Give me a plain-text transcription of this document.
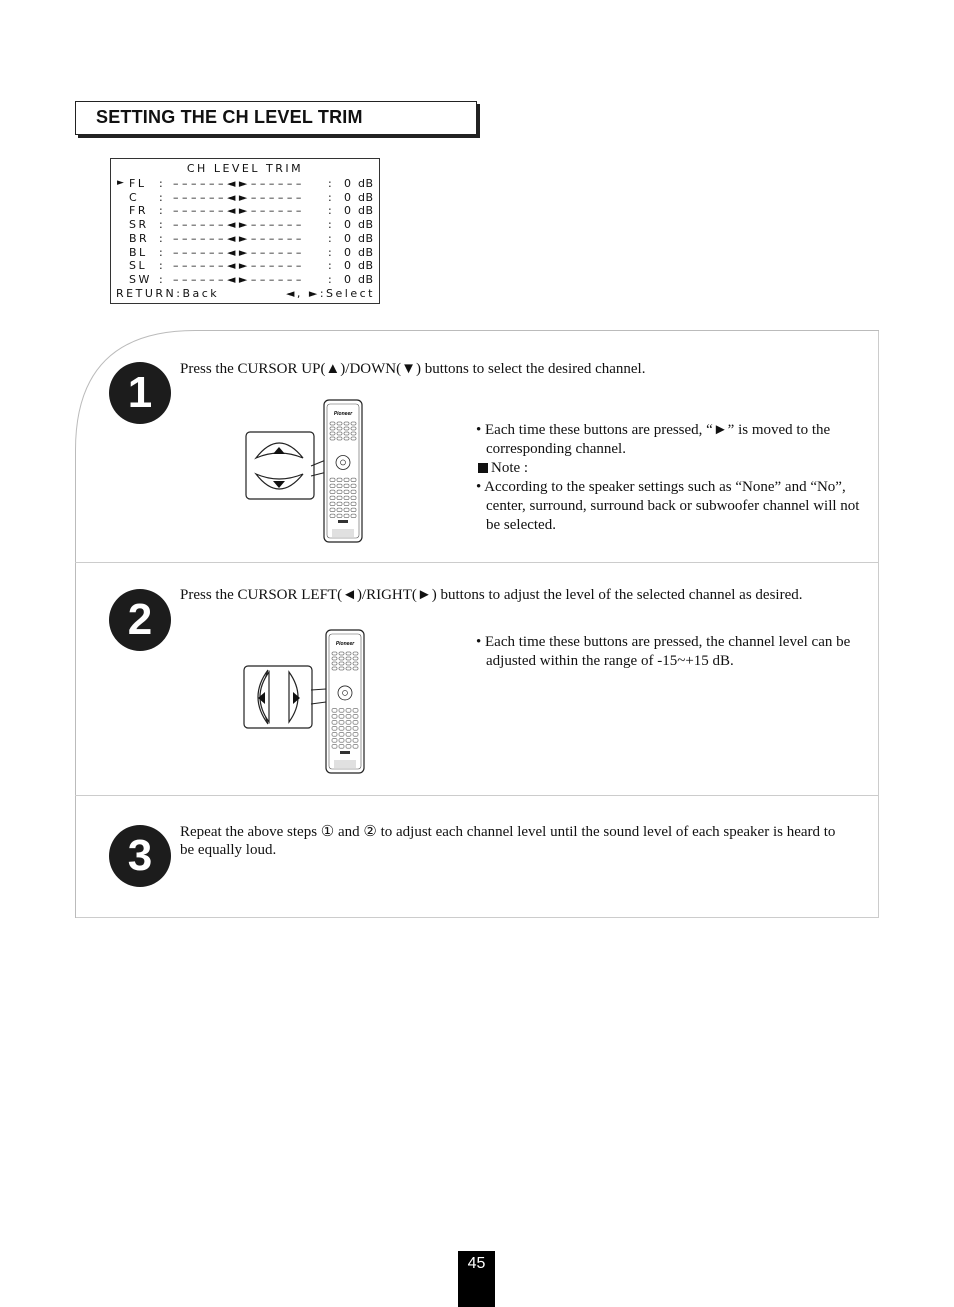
SETTING THE CH LEVEL TRIM
CH LEVEL TRIM
► FL : – – – – – – ◄ ► – – – – – – : 0 dB
C : – – – – – – ◄ ► – – – – – – : 0 dB
FR : – – – – – – ◄ ► – – – – – – : 0 dB
SR : – – – – – – ◄ ► – – – – – – : 0 dB
BR : – – – – – – ◄ ► – – – – – – : 0 dB
BL : – – – – – – ◄ ► – – – – – – : 0 dB
SL : – – – – – – ◄ ► – – – – – – : 0 dB
SW : – – – – – – ◄ ► – – – – – – : 0 dB
RETURN:Back	◄, ►:Select
1	Press the CURSOR UP(▲)/DOWN(▼) buttons to select the desired channel.
Pioneer

• Each time these buttons are pressed, “►” is moved to the corresponding channel.

Note :

• According to the speaker settings such as “None” and “No”, center, surround, surround back or subwoofer channel will not be selected.

2	Press the CURSOR LEFT(◄)/RIGHT(►) buttons to adjust the level of the selected channel as desired.
Pioneer	• Each time these buttons are pressed, the channel level can be adjusted within the range of -15~+15 dB.

3	Repeat the above steps ① and ② to adjust each channel level until the sound level of each speaker is heard to be equally loud.
45
